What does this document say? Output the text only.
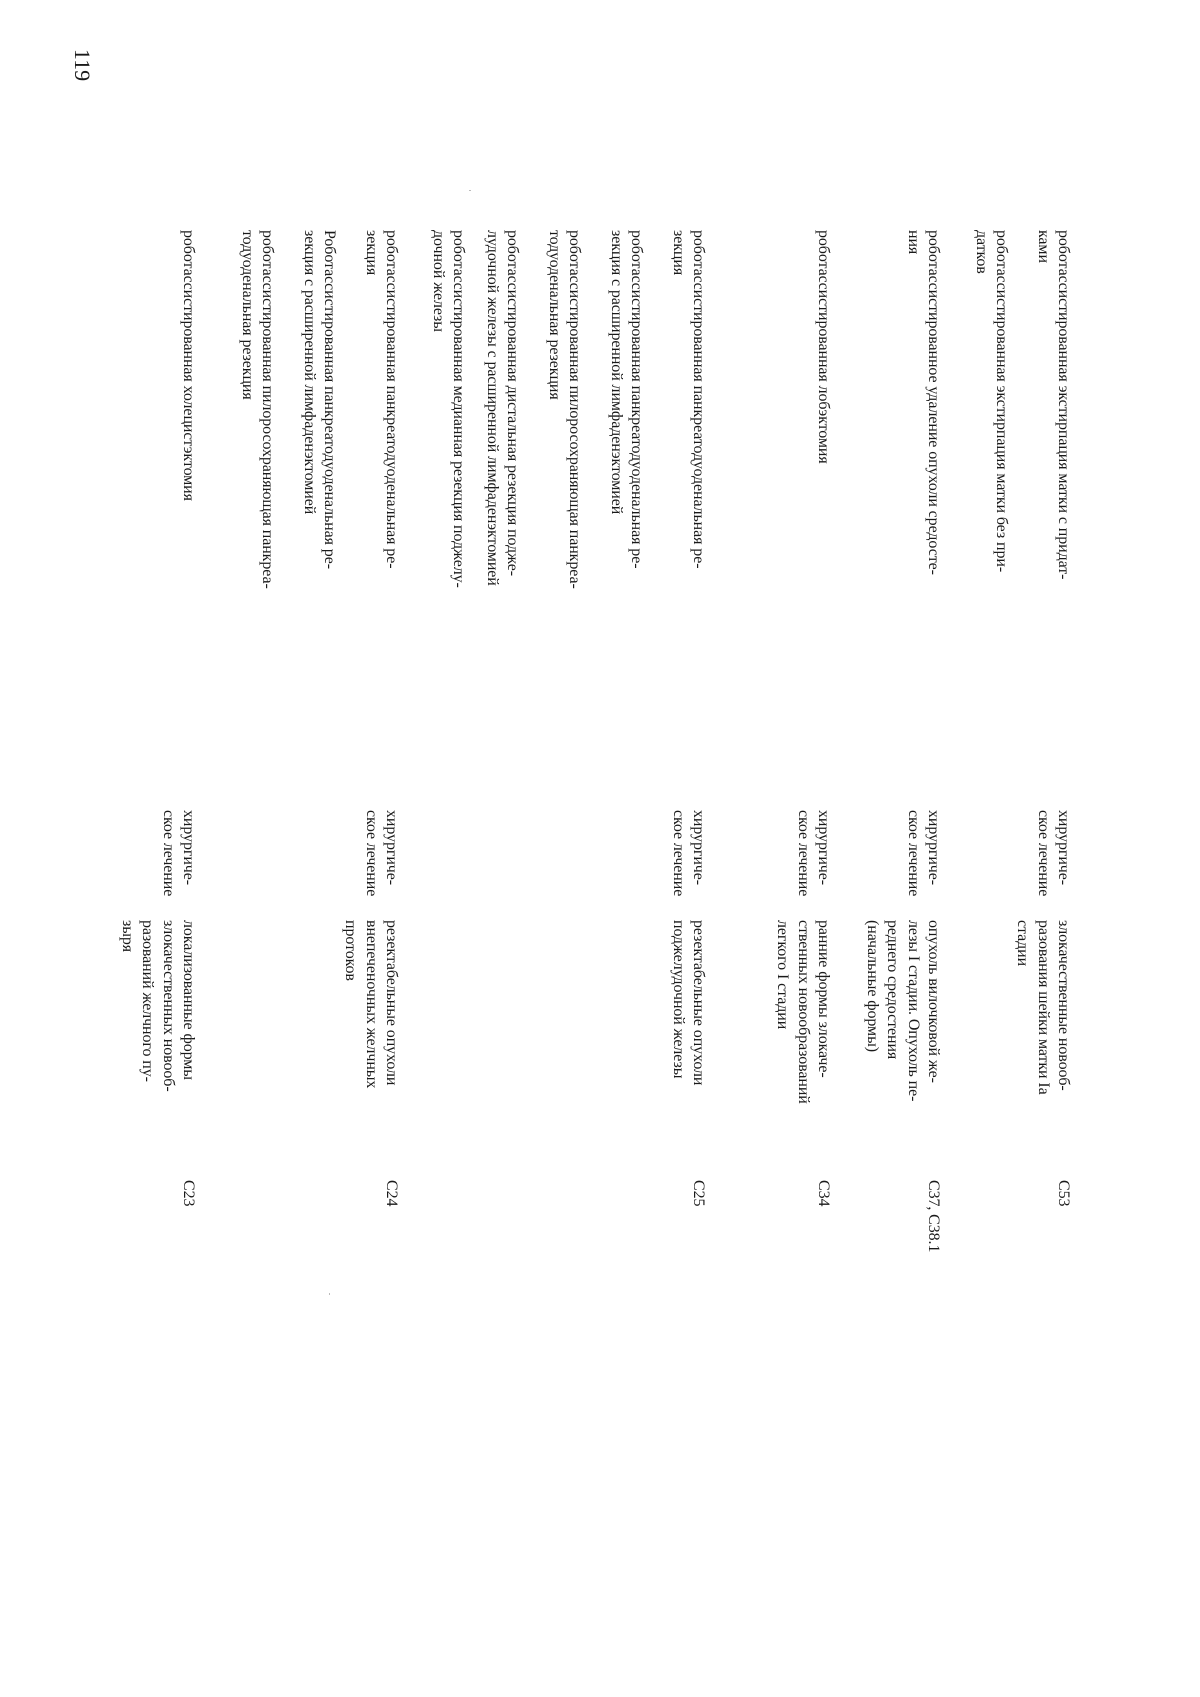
119
C23
локализованные формы
злокачественных новооб-
разований желчного пу-
зыря
хирургиче-
ское лечение

роботассистированная холецистэктомия

C24
резектабельные опухоли
внепеченочных желчных
протоков
хирургиче-
ское лечение

роботассистированная панкреатодуоденальная ре-
зекция

Роботассистированная панкреатодуоденальная ре-
зекция с расширенной лимфаденэктомией

роботассистированная пилоросохраняющая панкреа-
тодуоденальная резекция

C25
резектабельные опухоли
поджелудочной железы
хирургиче-
ское лечение

роботассистированная панкреатодуоденальная ре-
зекция

роботассистированная панкреатодуоденальная ре-
зекция с расширенной лимфаденэктомией

роботассистированная пилоросохраняющая панкреа-
тодуоденальная резекция

роботассистированная дистальная резекция подже-
лудочной железы с расширенной лимфаденэктомией

роботассистированная медианная резекция поджелу-
дочной железы

C34
ранние формы злокаче-
ственных новообразований
легкого I стадии
хирургиче-
ское лечение

роботассистированная лобэктомия

C37, C38.1
опухоль вилочковой же-
лезы I стадии. Опухоль пе-
реднего средостения
(начальные формы)
хирургиче-
ское лечение

роботассистированное удаление опухоли средосте-
ния

C53
злокачественные новооб-
разования шейки матки Ia
стадии
хирургиче-
ское лечение

роботассистированная экстирпация матки с придат-
ками

роботассистированная экстирпация матки без при-
датков
